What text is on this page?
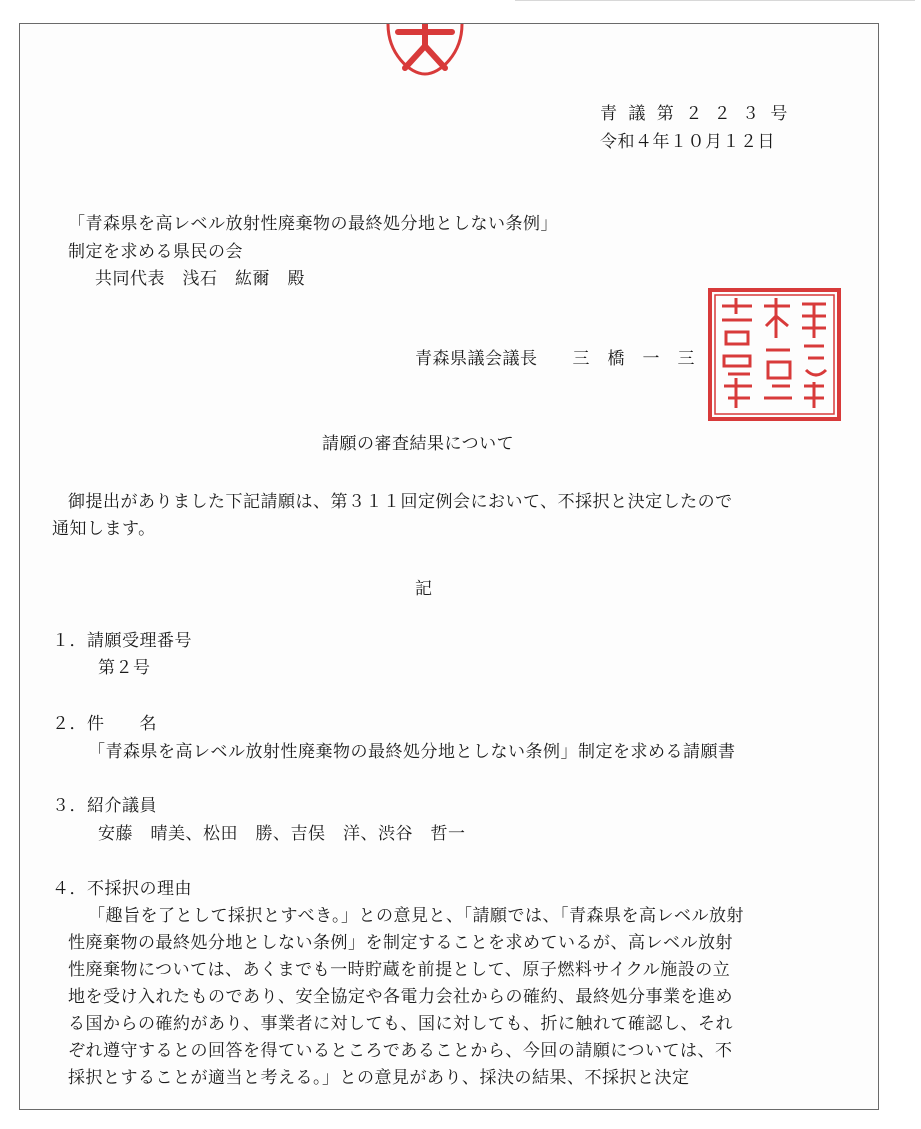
青 議 第 ２ ２ ３ 号
令和４年１０月１２日
「青森県を高レベル放射性廃棄物の最終処分地としない条例」
制定を求める県民の会
共同代表　浅石　紘爾　殿
青森県議会議長　　三　橋　一　三
青森県議會議長之印
請願の審査結果について
御提出がありました下記請願は、第３１１回定例会において、不採択と決定したので
通知します。
記
１．請願受理番号
第２号
２．件　　名
「青森県を高レベル放射性廃棄物の最終処分地としない条例」制定を求める請願書
３．紹介議員
安藤　晴美、松田　勝、吉俣　洋、渋谷　哲一
４．不採択の理由
「趣旨を了として採択とすべき。」との意見と、「請願では、「青森県を高レベル放射
性廃棄物の最終処分地としない条例」を制定することを求めているが、高レベル放射
性廃棄物については、あくまでも一時貯蔵を前提として、原子燃料サイクル施設の立
地を受け入れたものであり、安全協定や各電力会社からの確約、最終処分事業を進め
る国からの確約があり、事業者に対しても、国に対しても、折に触れて確認し、それ
ぞれ遵守するとの回答を得ているところであることから、今回の請願については、不
採択とすることが適当と考える。」との意見があり、採決の結果、不採択と決定
